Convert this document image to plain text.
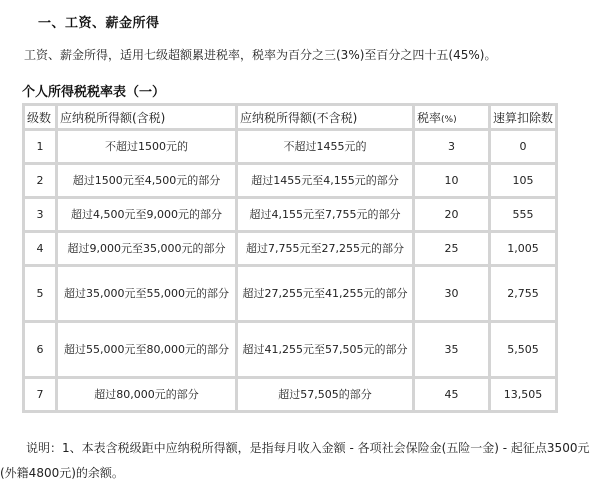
一、工资、薪金所得
工资、薪金所得，适用七级超额累进税率，税率为百分之三(3%)至百分之四十五(45%)。
个人所得税税率表（一）
级数	应纳税所得额(含税)	应纳税所得额(不含税)	税率(%)	速算扣除数
1	不超过1500元的	不超过1455元的	3	0
2	超过1500元至4,500元的部分	超过1455元至4,155元的部分	10	105
3	超过4,500元至9,000元的部分	超过4,155元至7,755元的部分	20	555
4	超过9,000元至35,000元的部分	超过7,755元至27,255元的部分	25	1,005
5	超过35,000元至55,000元的部分	超过27,255元至41,255元的部分	30	2,755
6	超过55,000元至80,000元的部分	超过41,255元至57,505元的部分	35	5,505
7	超过80,000元的部分	超过57,505的部分	45	13,505
说明：1、本表含税级距中应纳税所得额，是指每月收入金额 - 各项社会保险金(五险一金) - 起征点3500元(外籍4800元)的余额。
